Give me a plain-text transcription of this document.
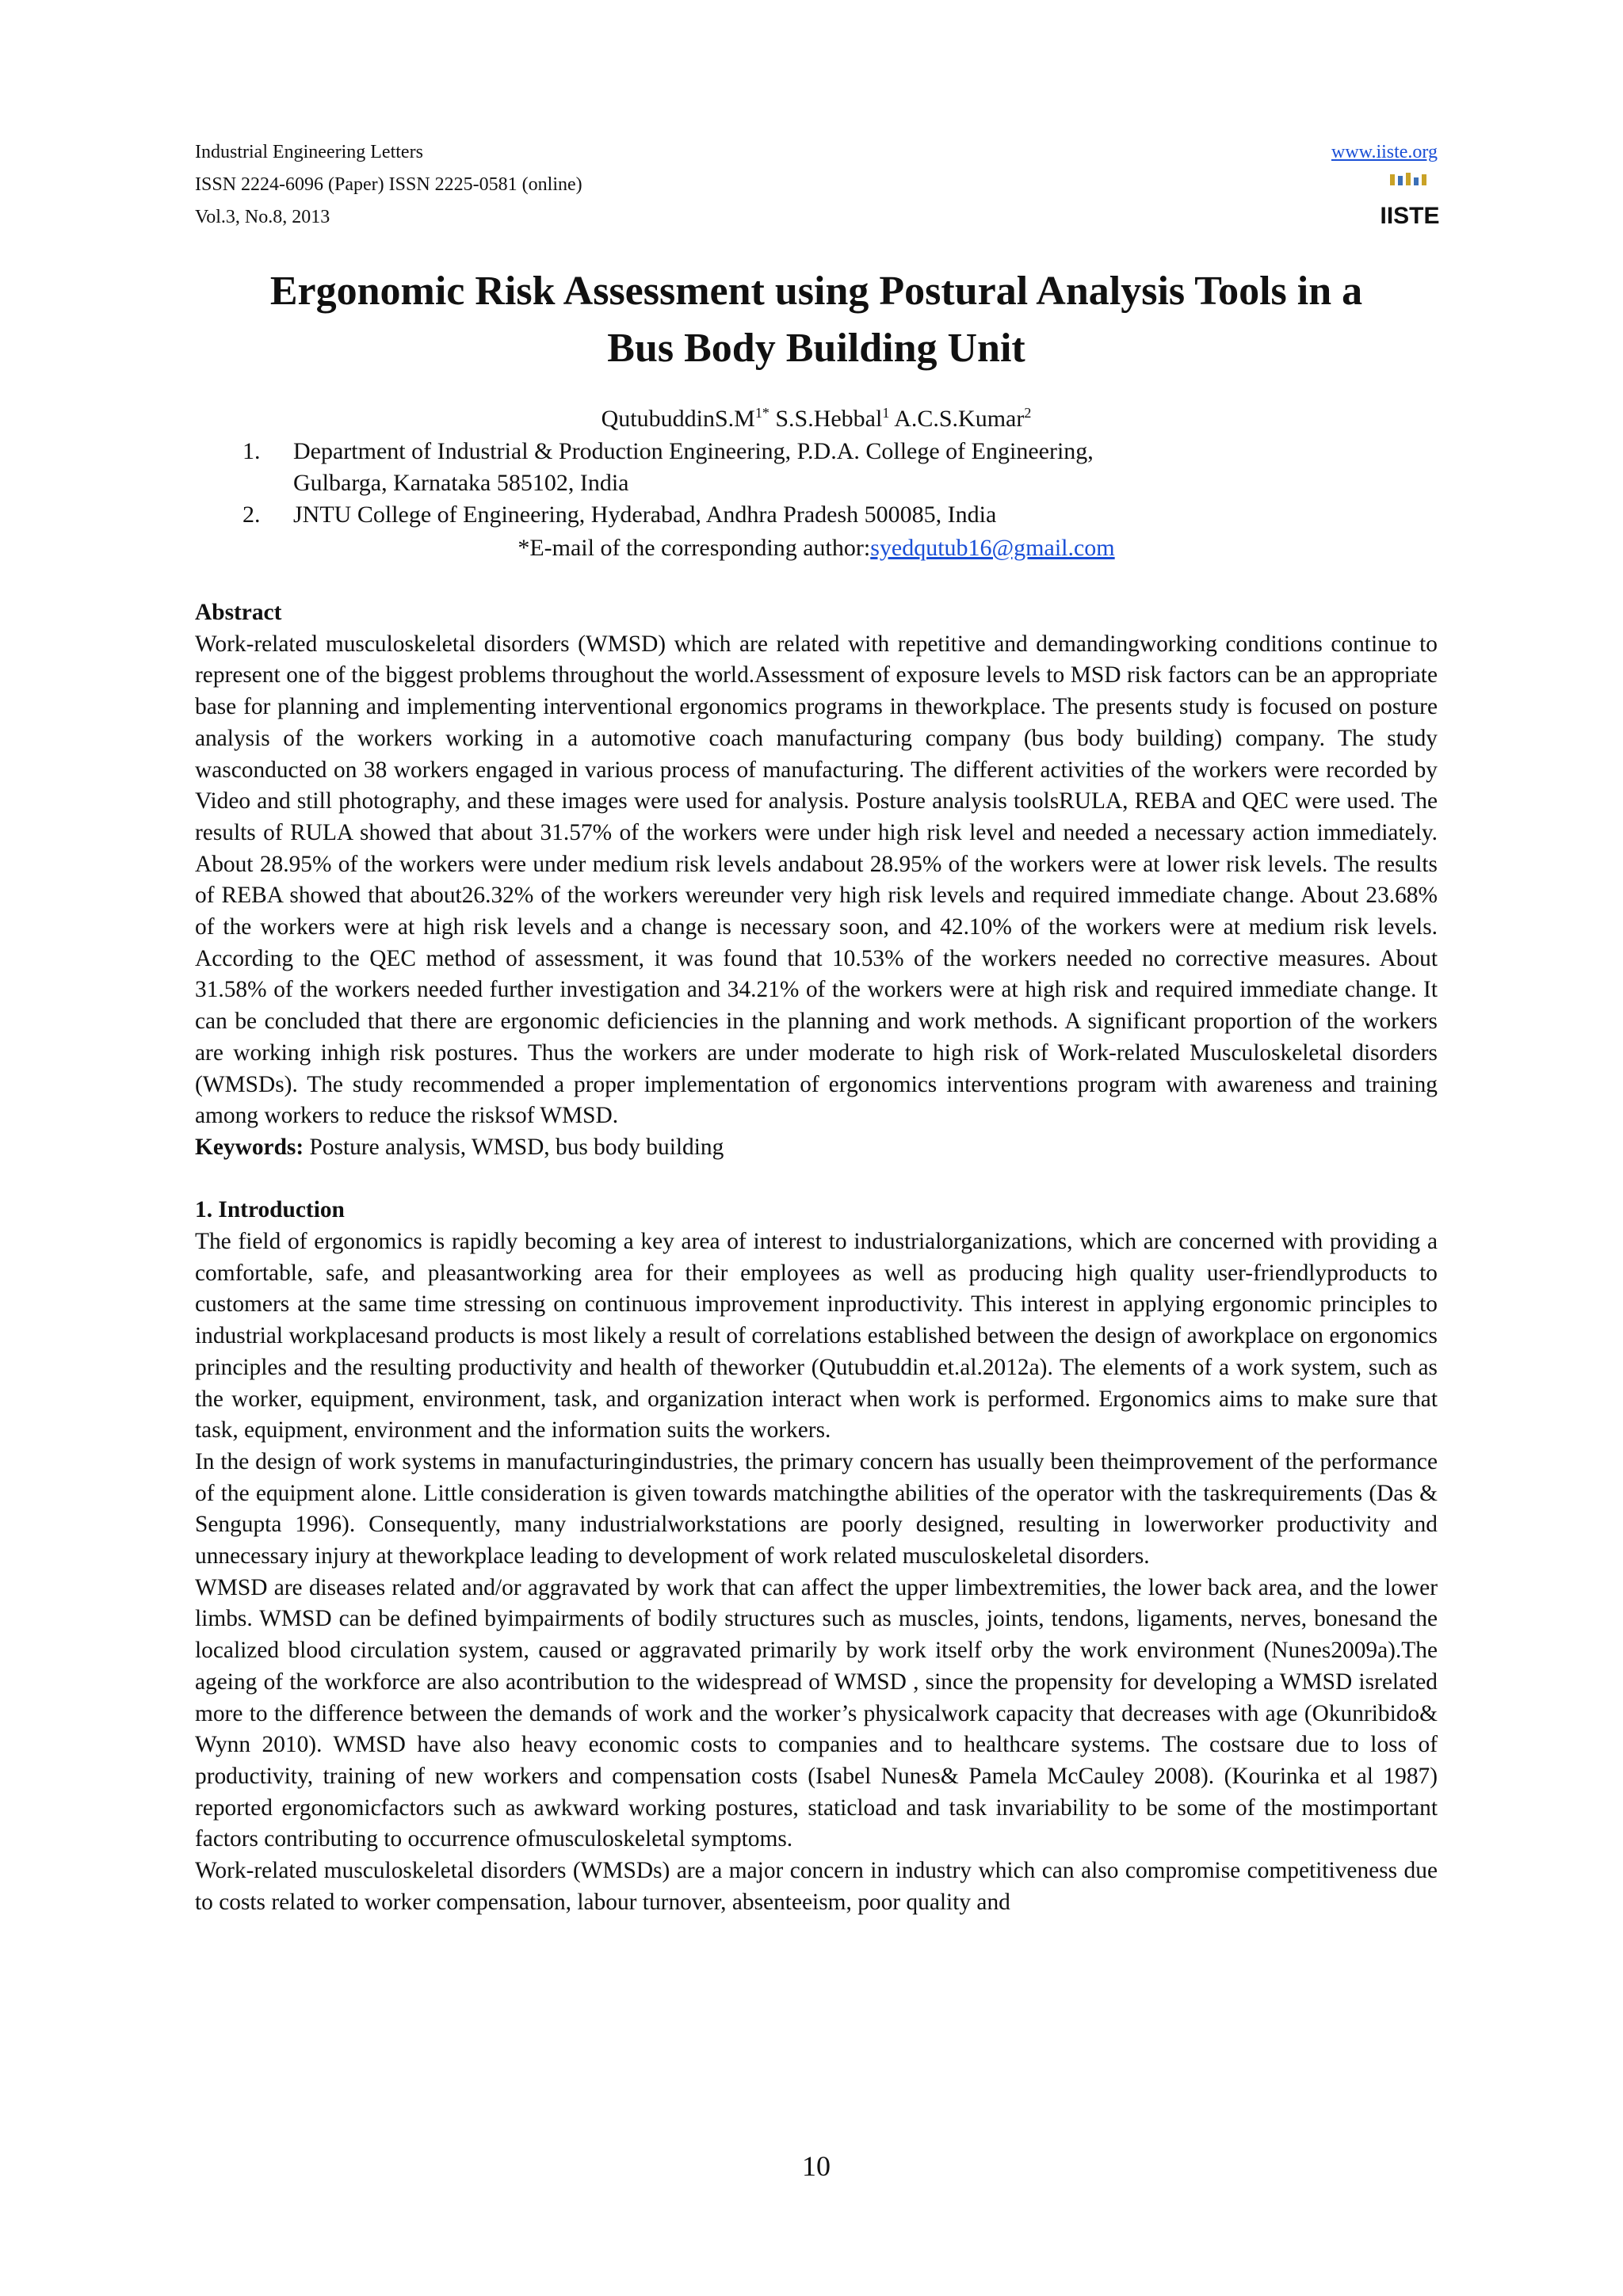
Industrial Engineering Letters
ISSN 2224-6096 (Paper) ISSN 2225-0581 (online)
Vol.3, No.8, 2013
www.iiste.org
IISTE
Ergonomic Risk Assessment using Postural Analysis Tools in a
Bus Body Building Unit
$QutubuddinS.M^{1*}$ S.S.Hebbal$^1$ A.C.S.Kumar$^2$
1. Department of Industrial & Production Engineering, P.D.A. College of Engineering,
Gulbarga, Karnataka 585102, India
2. JNTU College of Engineering, Hyderabad, Andhra Pradesh 500085, India
*E-mail of the corresponding author:syedqutub16@gmail.com

Abstract

Work-related musculoskeletal disorders (WMSD) which are related with repetitive and demandingworking conditions continue to represent one of the biggest problems throughout the world.Assessment of exposure levels to MSD risk factors can be an appropriate base for planning and implementing interventional ergonomics programs in theworkplace. The presents study is focused on posture analysis of the workers working in a automotive coach manufacturing company (bus body building) company. The study wasconducted on 38 workers engaged in various process of manufacturing. The different activities of the workers were recorded by Video and still photography, and these images were used for analysis. Posture analysis toolsRULA, REBA and QEC were used. The results of RULA showed that about 31.57% of the workers were under high risk level and needed a necessary action immediately. About 28.95% of the workers were under medium risk levels andabout 28.95% of the workers were at lower risk levels. The results of REBA showed that about26.32% of the workers wereunder very high risk levels and required immediate change. About 23.68% of the workers were at high risk levels and a change is necessary soon, and 42.10% of the workers were at medium risk levels. According to the QEC method of assessment, it was found that 10.53% of the workers needed no corrective measures. About 31.58% of the workers needed further investigation and 34.21% of the workers were at high risk and required immediate change. It can be concluded that there are ergonomic deficiencies in the planning and work methods. A significant proportion of the workers are working inhigh risk postures. Thus the workers are under moderate to high risk of Work-related Musculoskeletal disorders (WMSDs). The study recommended a proper implementation of ergonomics interventions program with awareness and training among workers to reduce the risksof WMSD.

Keywords: Posture analysis, WMSD, bus body building

1. Introduction

The field of ergonomics is rapidly becoming a key area of interest to industrialorganizations, which are concerned with providing a comfortable, safe, and pleasantworking area for their employees as well as producing high quality user-friendlyproducts to customers at the same time stressing on continuous improvement inproductivity. This interest in applying ergonomic principles to industrial workplacesand products is most likely a result of correlations established between the design of aworkplace on ergonomics principles and the resulting productivity and health of theworker (Qutubuddin et.al.2012a). The elements of a work system, such as the worker, equipment, environment, task, and organization interact when work is performed. Ergonomics aims to make sure that task, equipment, environment and the information suits the workers.

In the design of work systems in manufacturingindustries, the primary concern has usually been theimprovement of the performance of the equipment alone. Little consideration is given towards matchingthe abilities of the operator with the taskrequirements (Das & Sengupta 1996). Consequently, many industrialworkstations are poorly designed, resulting in lowerworker productivity and unnecessary injury at theworkplace leading to development of work related musculoskeletal disorders.

WMSD are diseases related and/or aggravated by work that can affect the upper limbextremities, the lower back area, and the lower limbs. WMSD can be defined byimpairments of bodily structures such as muscles, joints, tendons, ligaments, nerves, bonesand the localized blood circulation system, caused or aggravated primarily by work itself orby the work environment (Nunes2009a).The ageing of the workforce are also acontribution to the widespread of WMSD , since the propensity for developing a WMSD isrelated more to the difference between the demands of work and the worker’s physicalwork capacity that decreases with age (Okunribido& Wynn 2010). WMSD have also heavy economic costs to companies and to healthcare systems. The costsare due to loss of productivity, training of new workers and compensation costs (Isabel Nunes& Pamela McCauley 2008). (Kourinka et al 1987) reported ergonomicfactors such as awkward working postures, staticload and task invariability to be some of the mostimportant factors contributing to occurrence ofmusculoskeletal symptoms.

Work-related musculoskeletal disorders (WMSDs) are a major concern in industry which can also compromise competitiveness due to costs related to worker compensation, labour turnover, absenteeism, poor quality and

10
